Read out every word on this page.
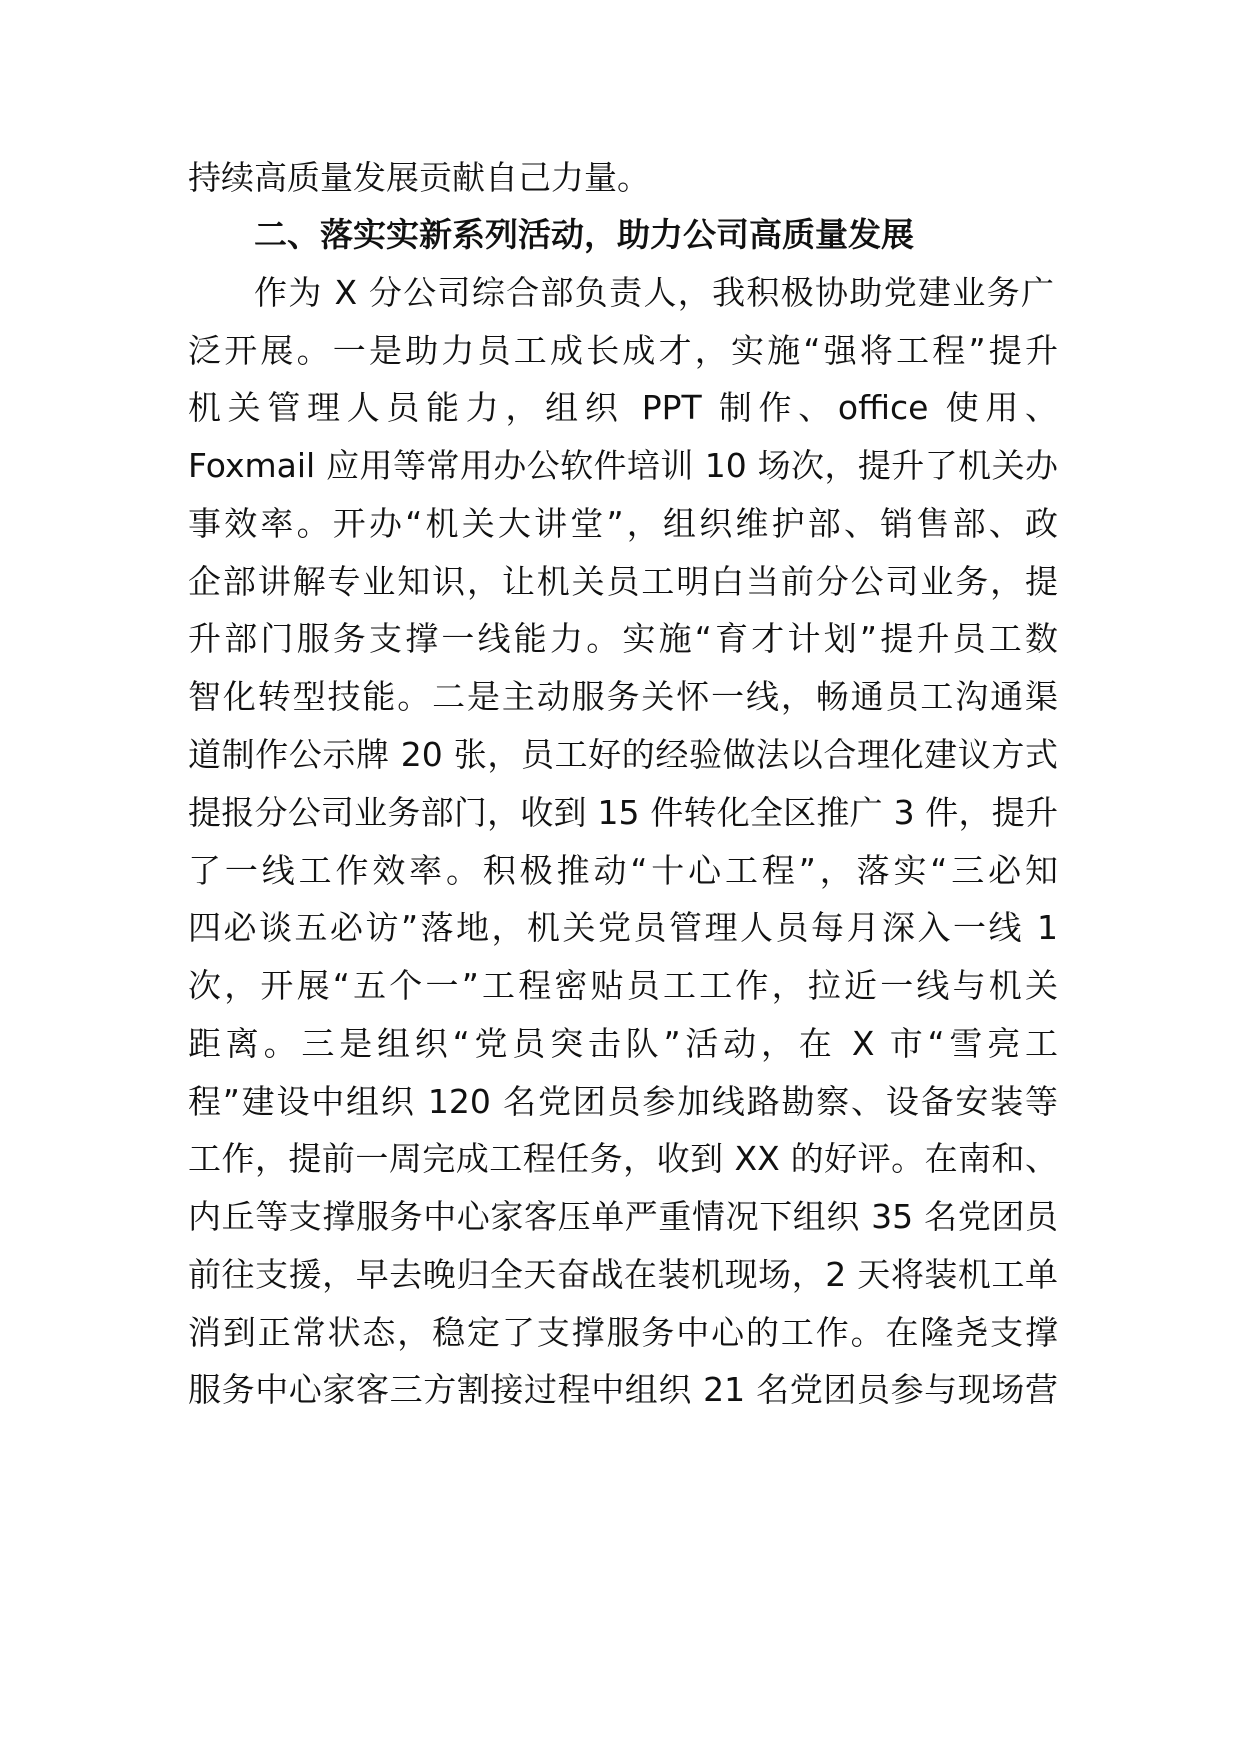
持续高质量发展贡献自己力量。
二、落实实新系列活动，助力公司高质量发展
作为 X 分公司综合部负责人，我积极协助党建业务广
泛开展。一是助力员工成长成才，实施“强将工程”提升
机关管理人员能力，组织 PPT 制作、office 使用、
Foxmail 应用等常用办公软件培训 10 场次，提升了机关办
事效率。开办“机关大讲堂”，组织维护部、销售部、政
企部讲解专业知识，让机关员工明白当前分公司业务，提
升部门服务支撑一线能力。实施“育才计划”提升员工数
智化转型技能。二是主动服务关怀一线，畅通员工沟通渠
道制作公示牌 20 张，员工好的经验做法以合理化建议方式
提报分公司业务部门，收到 15 件转化全区推广 3 件，提升
了一线工作效率。积极推动“十心工程”，落实“三必知
四必谈五必访”落地，机关党员管理人员每月深入一线 1
次，开展“五个一”工程密贴员工工作，拉近一线与机关
距离。三是组织“党员突击队”活动，在 X 市“雪亮工
程”建设中组织 120 名党团员参加线路勘察、设备安装等
工作，提前一周完成工程任务，收到 XX 的好评。在南和、
内丘等支撑服务中心家客压单严重情况下组织 35 名党团员
前往支援，早去晚归全天奋战在装机现场，2 天将装机工单
消到正常状态，稳定了支撑服务中心的工作。在隆尧支撑
服务中心家客三方割接过程中组织 21 名党团员参与现场营
